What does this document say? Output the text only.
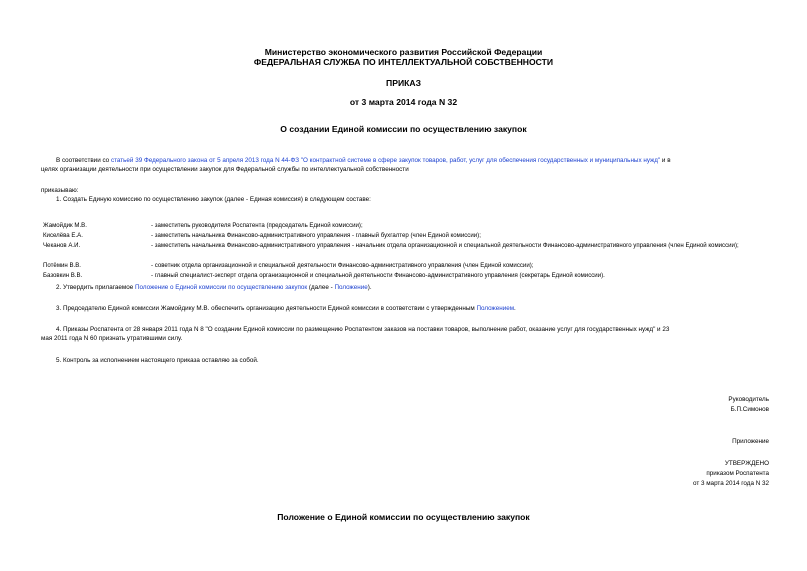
Министерство экономического развития Российской Федерации
ФЕДЕРАЛЬНАЯ СЛУЖБА ПО ИНТЕЛЛЕКТУАЛЬНОЙ СОБСТВЕННОСТИ
ПРИКАЗ
от 3 марта 2014 года N 32
О создании Единой комиссии по осуществлению закупок
В соответствии со статьей 39 Федерального закона от 5 апреля 2013 года N 44-ФЗ "О контрактной системе в сфере закупок товаров, работ, услуг для обеспечения государственных и муниципальных нужд" и в
целях организации деятельности при осуществлении закупок для Федеральной службы по интеллектуальной собственности
приказываю:
1. Создать Единую комиссию по осуществлению закупок (далее - Единая комиссия) в следующем составе:
Жамойдик М.В.	- заместитель руководителя Роспатента (председатель Единой комиссии);
Киселёва Е.А.	- заместитель начальника Финансово-административного управления - главный бухгалтер (член Единой комиссии);
Чеканов А.И.	- заместитель начальника Финансово-административного управления - начальник отдела организационной и специальной деятельности Финансово-административного управления (член Единой комиссии);
Потёмин В.В.	- советник отдела организационной и специальной деятельности Финансово-административного управления (член Единой комиссии);
Базовкин В.В.	- главный специалист-эксперт отдела организационной и специальной деятельности Финансово-административного управления (секретарь Единой комиссии).
2. Утвердить прилагаемое Положение о Единой комиссии по осуществлению закупок (далее - Положение).
3. Председателю Единой комиссии Жамойдику М.В. обеспечить организацию деятельности Единой комиссии в соответствии с утвержденным Положением.
4. Приказы Роспатента от 28 января 2011 года N 8 "О создании Единой комиссии по размещению Роспатентом заказов на поставки товаров, выполнение работ, оказание услуг для государственных нужд" и 23
мая 2011 года N 60 признать утратившими силу.
5. Контроль за исполнением настоящего приказа оставляю за собой.
Руководитель
Б.П.Симонов
Приложение
УТВЕРЖДЕНО
приказом Роспатента
от 3 марта 2014 года N 32
Положение о Единой комиссии по осуществлению закупок
